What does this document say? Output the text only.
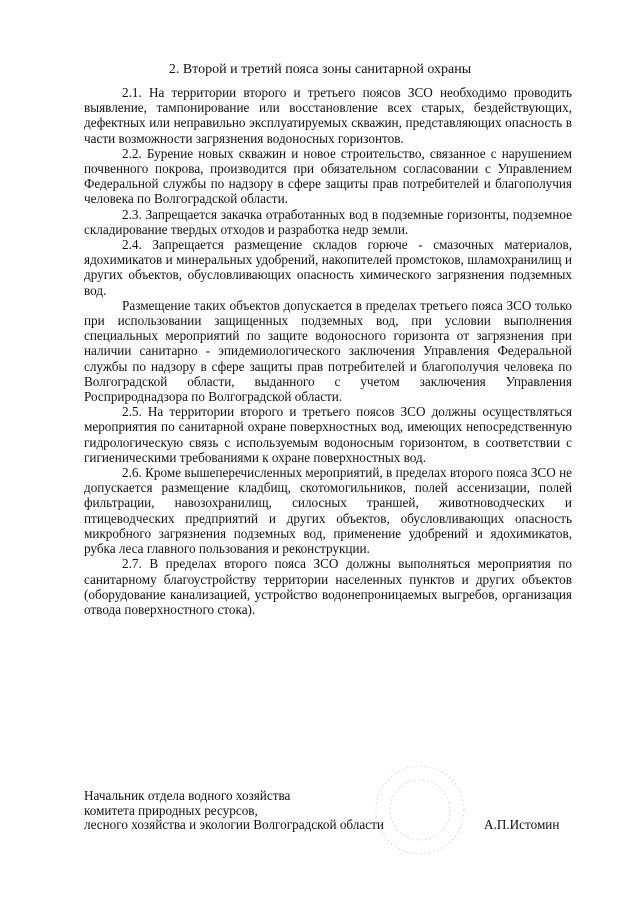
2. Второй и третий пояса зоны санитарной охраны

2.1. На территории второго и третьего поясов ЗСО необходимо проводить выявление, тампонирование или восстановление всех старых, бездействующих, дефектных или неправильно эксплуатируемых скважин, представляющих опасность в части возможности загрязнения водоносных горизонтов.

2.2. Бурение новых скважин и новое строительство, связанное с нарушением почвенного покрова, производится при обязательном согласовании с Управлением Федеральной службы по надзору в сфере защиты прав потребителей и благополучия человека по Волгоградской области.

2.3. Запрещается закачка отработанных вод в подземные горизонты, подземное складирование твердых отходов и разработка недр земли.

2.4. Запрещается размещение складов горюче - смазочных материалов, ядохимикатов и минеральных удобрений, накопителей промстоков, шламохранилищ и других объектов, обусловливающих опасность химического загрязнения подземных вод.

Размещение таких объектов допускается в пределах третьего пояса ЗСО только при использовании защищенных подземных вод, при условии выполнения специальных мероприятий по защите водоносного горизонта от загрязнения при наличии санитарно - эпидемиологического заключения Управления Федеральной службы по надзору в сфере защиты прав потребителей и благополучия человека по Волгоградской области, выданного с учетом заключения Управления Росприроднадзора по Волгоградской области.

2.5. На территории второго и третьего поясов ЗСО должны осуществляться мероприятия по санитарной охране поверхностных вод, имеющих непосредственную гидрологическую связь с используемым водоносным горизонтом, в соответствии с гигиеническими требованиями к охране поверхностных вод.

2.6. Кроме вышеперечисленных мероприятий, в пределах второго пояса ЗСО не допускается размещение кладбищ, скотомогильников, полей ассенизации, полей фильтрации, навозохранилищ, силосных траншей, животноводческих и птицеводческих предприятий и других объектов, обусловливающих опасность микробного загрязнения подземных вод, применение удобрений и ядохимикатов, рубка леса главного пользования и реконструкции.

2.7. В пределах второго пояса ЗСО должны выполняться мероприятия по санитарному благоустройству территории населенных пунктов и других объектов (оборудование канализацией, устройство водонепроницаемых выгребов, организация отвода поверхностного стока).

Начальник отдела водного хозяйства
комитета природных ресурсов,
лесного хозяйства и экологии Волгоградской области	А.П.Истомин
